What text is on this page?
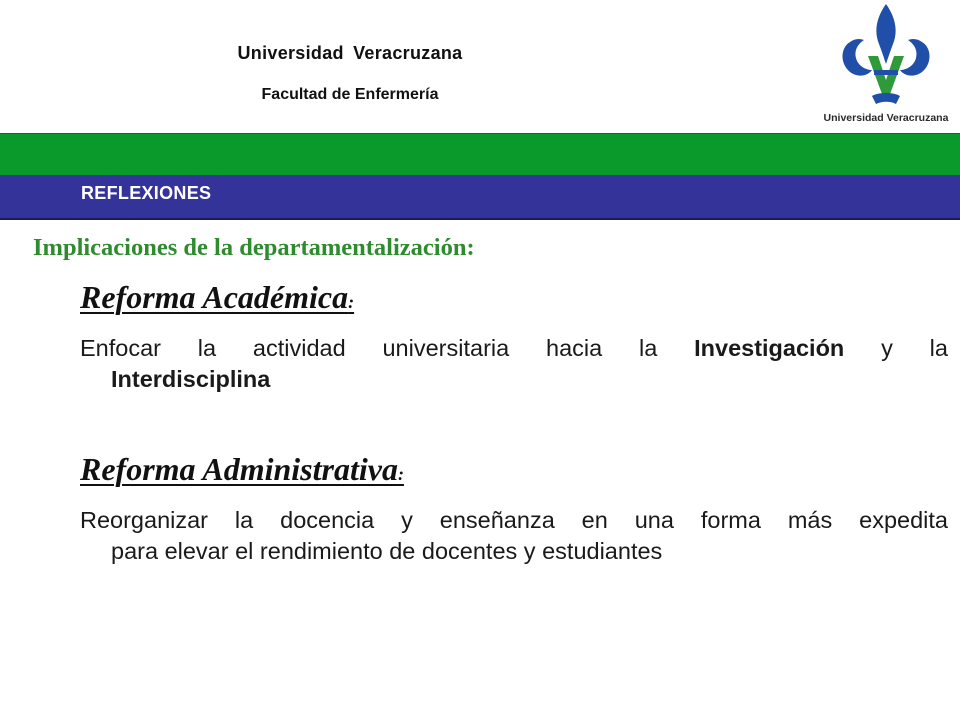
Universidad Veracruzana
Facultad de Enfermería
Universidad Veracruzana
REFLEXIONES
Implicaciones de la departamentalización:
Reforma Académica:
Enfocar la actividad universitaria hacia la Investigación y la
Interdisciplina
Reforma Administrativa:
Reorganizar la docencia y enseñanza en una forma más expedita
para elevar el rendimiento de docentes y estudiantes
